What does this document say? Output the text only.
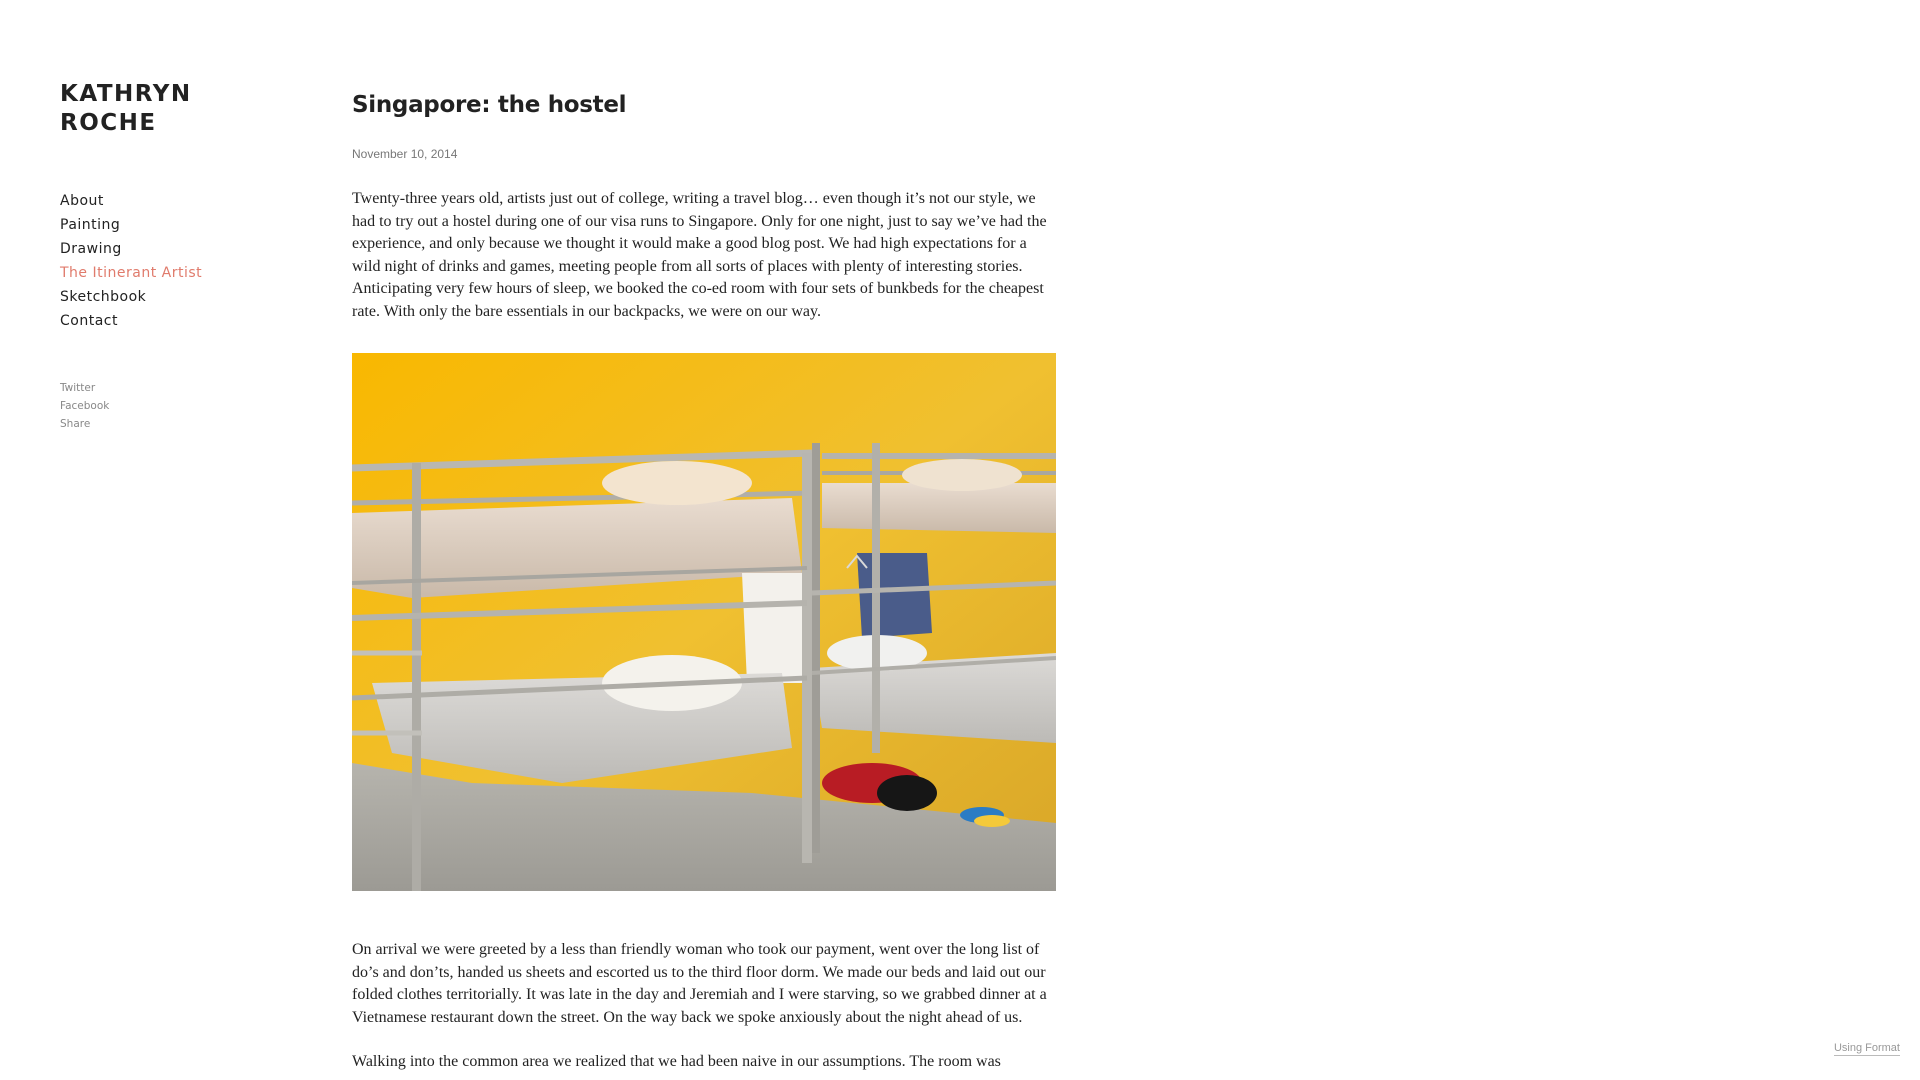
KATHRYN
ROCHE
About
Painting
Drawing
The Itinerant Artist
Sketchbook
Contact
Twitter
Facebook
Share
Singapore: the hostel
November 10, 2014

Twenty-three years old, artists just out of college, writing a travel blog… even though it’s not our style, we had to try out a hostel during one of our visa runs to Singapore. Only for one night, just to say we’ve had the experience, and only because we thought it would make a good blog post. We had high expectations for a wild night of drinks and games, meeting people from all sorts of places with plenty of interesting stories. Anticipating very few hours of sleep, we booked the co-ed room with four sets of bunkbeds for the cheapest rate. With only the bare essentials in our backpacks, we were on our way.

On arrival we were greeted by a less than friendly woman who took our payment, went over the long list of do’s and don’ts, handed us sheets and escorted us to the third floor dorm. We made our beds and laid out our folded clothes territorially. It was late in the day and Jeremiah and I were starving, so we grabbed dinner at a Vietnamese restaurant down the street. On the way back we spoke anxiously about the night ahead of us.

Walking into the common area we realized that we had been naive in our assumptions. The room was

Using Format
